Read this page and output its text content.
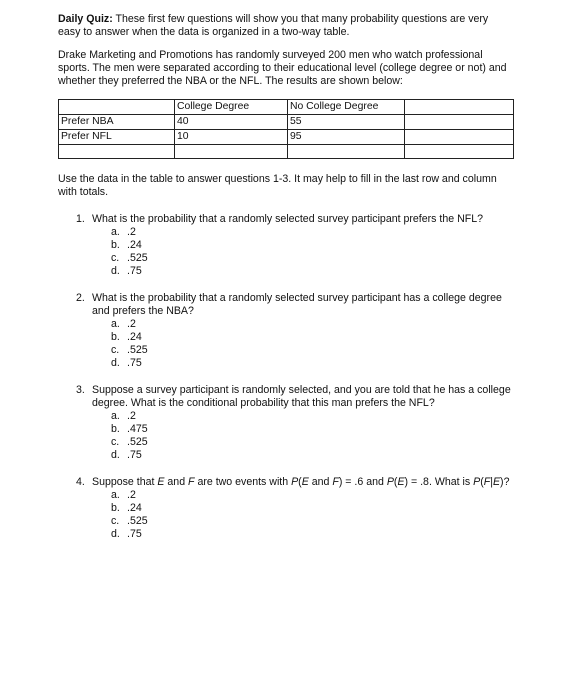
Daily Quiz: These first few questions will show you that many probability questions are very easy to answer when the data is organized in a two-way table.

Drake Marketing and Promotions has randomly surveyed 200 men who watch professional sports. The men were separated according to their educational level (college degree or not) and whether they preferred the NBA or the NFL. The results are shown below:

	College Degree	No College Degree	
Prefer NBA	40	55	
Prefer NFL	10	95	

Use the data in the table to answer questions 1-3. It may help to fill in the last row and column with totals.

1. What is the probability that a randomly selected survey participant prefers the NFL?
a. .2
b. .24
c. .525
d. .75
2. What is the probability that a randomly selected survey participant has a college degree and prefers the NBA?
a. .2
b. .24
c. .525
d. .75
3. Suppose a survey participant is randomly selected, and you are told that he has a college degree. What is the conditional probability that this man prefers the NFL?
a. .2
b. .475
c. .525
d. .75
4. Suppose that E and F are two events with P(E and F) = .6 and P(E) = .8. What is P(F|E)?
a. .2
b. .24
c. .525
d. .75
